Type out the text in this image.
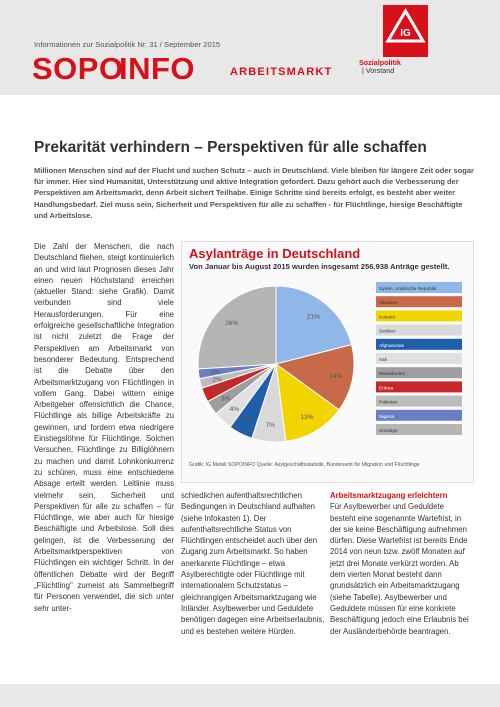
Informationen zur Sozialpolitik Nr. 31 / September 2015
SOPO
INFO	ARBEITSMARKT
IG
Sozialpolitik
| Vorstand
Prekarität verhindern – Perspektiven für alle schaffen
Millionen Menschen sind auf der Flucht und suchen Schutz – auch in Deutschland. Viele bleiben für längere Zeit oder sogar für immer. Hier sind Humanität, Unterstützung und aktive Integration gefordert. Dazu gehört auch die Verbesserung der Perspektiven am Arbeitsmarkt, denn Arbeit sichert Teilhabe. Einige Schritte sind bereits erfolgt, es besteht aber weiter Handlungsbedarf. Ziel muss sein, Sicherheit und Perspektiven für alle zu schaffen - für Flüchtlinge, hiesige Beschäftigte und Arbeitslose.
Die Zahl der Menschen, die nach Deutschland fliehen, steigt kontinuierlich an und wird laut Prognosen dieses Jahr einen neuen Höchststand erreichen (aktueller Stand: siehe Grafik). Damit verbunden sind viele Herausforderungen. Für eine erfolgreiche gesellschaftliche Integration ist nicht zuletzt die Frage der Perspektiven am Arbeitsmarkt von besonderer Bedeutung. Entsprechend ist die Debatte über den Arbeitsmarktzugang von Flüchtlingen in vollem Gang. Dabei wittern einige Arbeitgeber offensichtlich die Chance, Flüchtlinge als billige Arbeitskräfte zu gewinnen, und fordern etwa niedrigere Einstiegslöhne für Flüchtlinge. Solchen Versuchen, Flüchtlinge zu Billiglöhnern zu machen und damit Lohnkonkurrenz zu schüren, muss eine entschiedene Absage erteilt werden. Leitlinie muss vielmehr sein, Sicherheit und Perspektiven für alle zu schaffen – für Flüchtlinge, wie aber auch für hiesige Beschäftigte und Arbeitslose. Soll dies gelingen, ist die Verbesserung der Arbeitsmarktperspektiven von Flüchtlingen ein wichtiger Schritt. In der öffentlichen Debatte wird der Begriff „Flüchtling" zumeist als Sammelbegriff für Personen verwendet, die sich unter sehr unter-
Asylanträge in Deutschland
Von Januar bis August 2015 wurden insgesamt 256.938 Anträge gestellt.
21%
14%
13%
7%
5%
4%
3%
3%
2%
2%
26%
Syrien, Arabische Republik
Albanien
Kosovo
Serbien
Afghanistan
Irak
Mazedonien
Eritrea
Pakistan
Nigeria
Sonstige
Grafik: IG Metall SOPOINFO Quelle: Asylgeschäftsstatistik, Bundesamt für Migration und Flüchtlinge
schiedlichen aufenthaltsrechtlichen Bedingungen in Deutschland aufhalten (siehe Infokasten 1). Der aufenthaltsrechtliche Status von Flüchtlingen entscheidet auch über den Zugang zum Arbeitsmarkt. So haben anerkannte Flüchtlinge – etwa Asylberechtigte oder Flüchtlinge mit internationalem Schutzstatus – gleichrangigen Arbeitsmarktzugang wie Inländer. Asylbewerber und Geduldete benötigen dagegen eine Arbeitserlaubnis, und es bestehen weitere Hürden.
Arbeitsmarktzugang erleichtern
Für Asylbewerber und Geduldete besteht eine sogenannte Wartefrist, in der sie keine Beschäftigung aufnehmen dürfen. Diese Wartefrist ist bereits Ende 2014 von neun bzw. zwölf Monaten auf jetzt drei Monate verkürzt worden. Ab dem vierten Monat besteht dann grundsätzlich ein Arbeitsmarktzugang (siehe Tabelle). Asylbewerber und Geduldete müssen für eine konkrete Beschäftigung jedoch eine Erlaubnis bei der Ausländerbehörde beantragen.
